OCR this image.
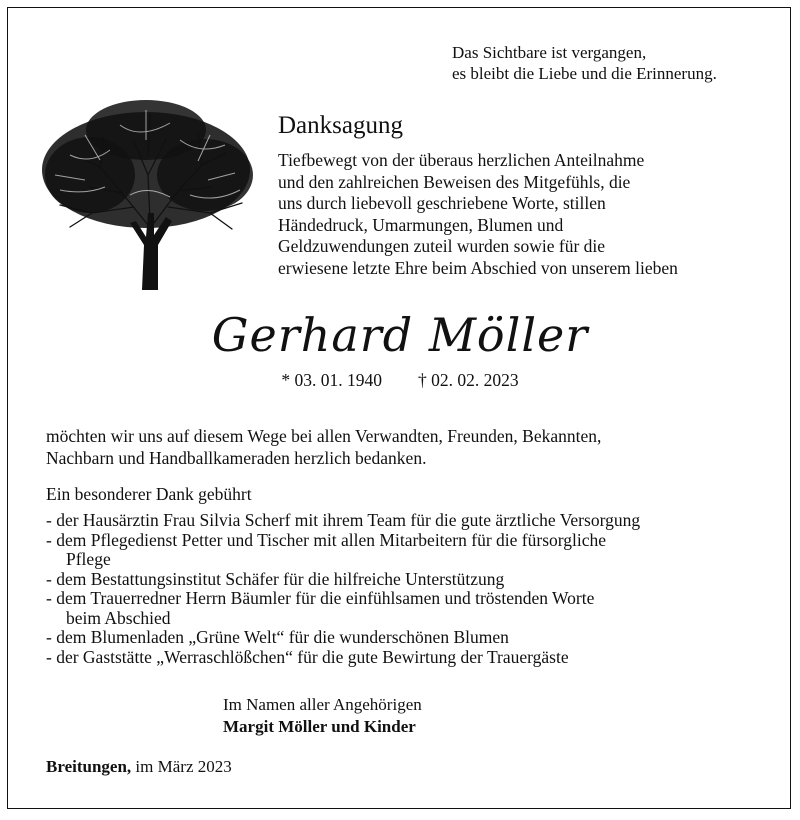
Das Sichtbare ist vergangen,
es bleibt die Liebe und die Erinnerung.
Danksagung
Tiefbewegt von der überaus herzlichen Anteilnahme
und den zahlreichen Beweisen des Mitgefühls, die
uns durch liebevoll geschriebene Worte, stillen
Händedruck, Umarmungen, Blumen und
Geldzuwendungen zuteil wurden sowie für die
erwiesene letzte Ehre beim Abschied von unserem lieben
Gerhard Möller
* 03. 01. 1940 † 02. 02. 2023
möchten wir uns auf diesem Wege bei allen Verwandten, Freunden, Bekannten,
Nachbarn und Handballkameraden herzlich bedanken.
Ein besonderer Dank gebührt
- der Hausärztin Frau Silvia Scherf mit ihrem Team für die gute ärztliche Versorgung
- dem Pflegedienst Petter und Tischer mit allen Mitarbeitern für die fürsorgliche
Pflege
- dem Bestattungsinstitut Schäfer für die hilfreiche Unterstützung
- dem Trauerredner Herrn Bäumler für die einfühlsamen und tröstenden Worte
beim Abschied
- dem Blumenladen „Grüne Welt“ für die wunderschönen Blumen
- der Gaststätte „Werraschlößchen“ für die gute Bewirtung der Trauergäste
Im Namen aller Angehörigen
Margit Möller und Kinder
Breitungen, im März 2023
